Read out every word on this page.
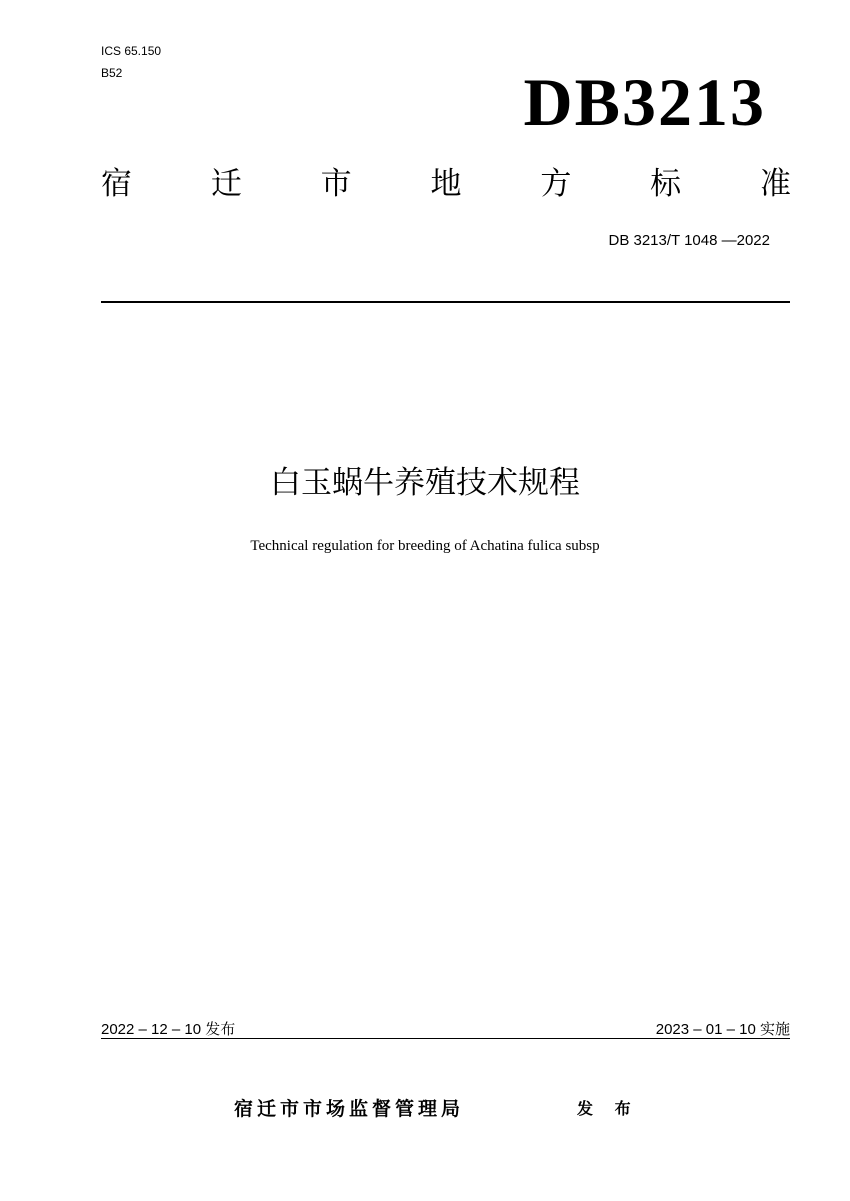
ICS 65.150
B52	DB3213
宿	迁	市	地	方	标	准
DB 3213/T 1048 —2022
白玉蜗牛养殖技术规程
Technical regulation for breeding of Achatina fulica subsp
2022 – 12 – 10 发布	2023 – 01 – 10 实施
宿迁市市场监督管理局	发 布
